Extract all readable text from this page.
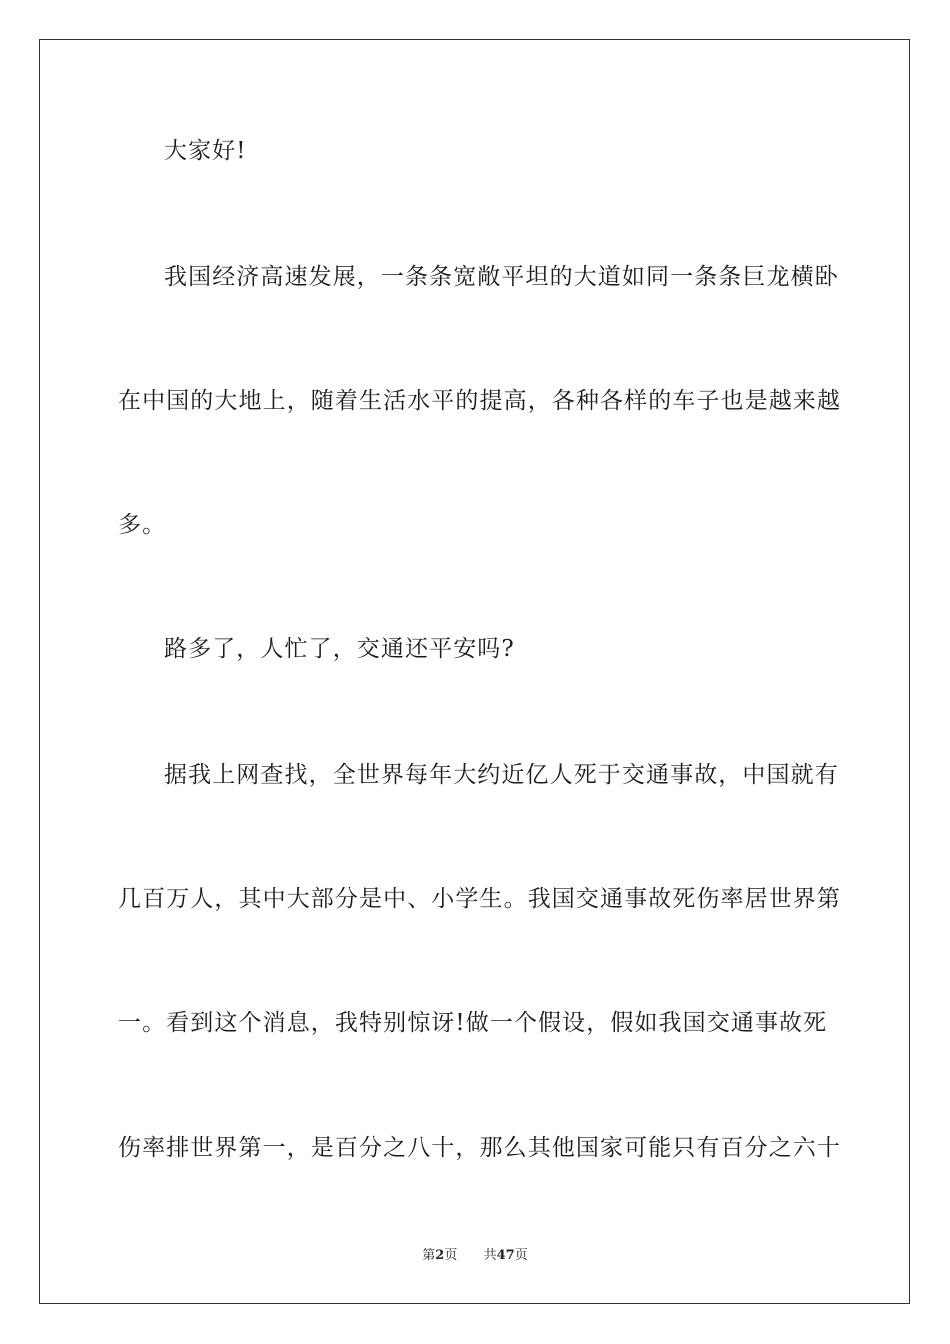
大家好!
我国经济高速发展，一条条宽敞平坦的大道如同一条条巨龙横卧
在中国的大地上，随着生活水平的提高，各种各样的车子也是越来越
多。
路多了，人忙了，交通还平安吗?
据我上网查找，全世界每年大约近亿人死于交通事故，中国就有
几百万人，其中大部分是中、小学生。我国交通事故死伤率居世界第
一。看到这个消息，我特别惊讶!做一个假设，假如我国交通事故死
伤率排世界第一，是百分之八十，那么其他国家可能只有百分之六十
第2页 共47页
